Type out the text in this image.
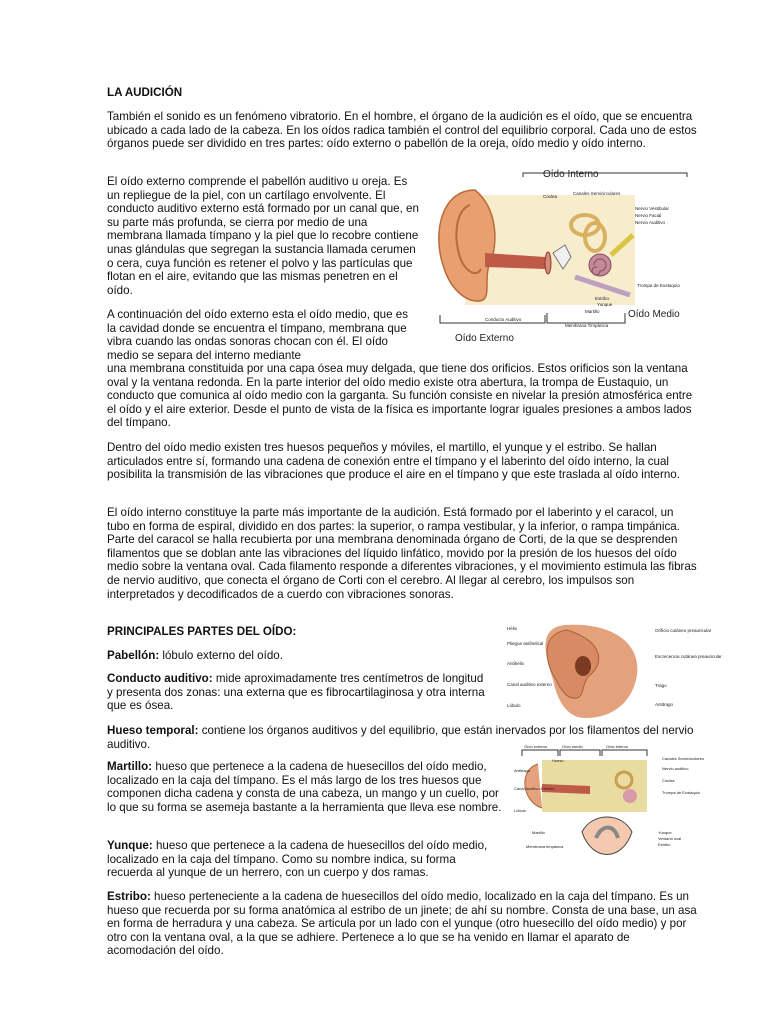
LA AUDICIÓN

También el sonido es un fenómeno vibratorio. En el hombre, el órgano de la audición es el oído, que se encuentra ubicado a cada lado de la cabeza. En los oídos radica también el control del equilibrio corporal. Cada uno de estos órganos puede ser dividido en tres partes: oído externo o pabellón de la oreja, oído medio y oído interno.

El oído externo comprende el pabellón auditivo u oreja. Es un repliegue de la piel, con un cartílago envolvente. El conducto auditivo externo está formado por un canal que, en su parte más profunda, se cierra por medio de una membrana llamada tímpano y la piel que lo recobre contiene unas glándulas que segregan la sustancia llamada cerumen o cera, cuya función es retener el polvo y las partículas que flotan en el aire, evitando que las mismas penetren en el oído.

A continuación del oído externo esta el oído medio, que es la cavidad donde se encuentra el tímpano, membrana que vibra cuando las ondas sonoras chocan con él. El oído medio se separa del interno mediante

una membrana constituida por una capa ósea muy delgada, que tiene dos orificios. Estos orificios son la ventana oval y la ventana redonda. En la parte interior del oído medio existe otra abertura, la trompa de Eustaquio, un conducto que comunica al oído medio con la garganta. Su función consiste en nivelar la presión atmosférica entre el oído y el aire exterior. Desde el punto de vista de la física es importante lograr iguales presiones a ambos lados del tímpano.

Dentro del oído medio existen tres huesos pequeños y móviles, el martillo, el yunque y el estribo. Se hallan articulados entre sí, formando una cadena de conexión entre el tímpano y el laberinto del oído interno, la cual posibilita la transmisión de las vibraciones que produce el aire en el tímpano y que este traslada al oído interno.

El oído interno constituye la parte más importante de la audición. Está formado por el laberinto y el caracol, un tubo en forma de espiral, dividido en dos partes: la superior, o rampa vestibular, y la inferior, o rampa timpánica. Parte del caracol se halla recubierta por una membrana denominada órgano de Corti, de la que se desprenden filamentos que se doblan ante las vibraciones del líquido linfático, movido por la presión de los huesos del oído medio sobre la ventana oval. Cada filamento responde a diferentes vibraciones, y el movimiento estimula las fibras de nervio auditivo, que conecta el órgano de Corti con el cerebro. Al llegar al cerebro, los impulsos son interpretados y decodificados de a cuerdo con vibraciones sonoras.

PRINCIPALES PARTES DEL OÍDO:

Pabellón: lóbulo externo del oído.

Conducto auditivo: mide aproximadamente tres centímetros de longitud y presenta dos zonas: una externa que es fibrocartilaginosa y otra interna que es ósea.

Hueso temporal: contiene los órganos auditivos y del equilibrio, que están inervados por los filamentos del nervio auditivo.

Martillo: hueso que pertenece a la cadena de huesecillos del oído medio, localizado en la caja del tímpano. Es el más largo de los tres huesos que componen dicha cadena y consta de una cabeza, un mango y un cuello, por lo que su forma se asemeja bastante a la herramienta que lleva ese nombre.

Yunque: hueso que pertenece a la cadena de huesecillos del oído medio, localizado en la caja del tímpano. Como su nombre indica, su forma recuerda al yunque de un herrero, con un cuerpo y dos ramas.

Estribo: hueso perteneciente a la cadena de huesecillos del oído medio, localizado en la caja del tímpano. Es un hueso que recuerda por su forma anatómica al estribo de un jinete; de ahí su nombre. Consta de una base, un asa en forma de herradura y una cabeza. Se articula por un lado con el yunque (otro huesecillo del oído medio) y por otro con la ventana oval, a la que se adhiere. Pertenece a lo que se ha venido en llamar el aparato de acomodación del oído.

Oído Interno
Oído Medio
Oído Externo
Conducto Auditivo
Canales Semicirculares
Cóclea
Nervio Vestibular
Nervio Facial
Nervio Auditivo
Trompa de Eustaquio
Estribo
Yunque
Martillo
Membrana Timpánica
Hélix
Pliegue antihelical
Antihélix
Canal auditivo externo
Lóbulo
Orificio cutáneo preauricular
Excrecencia cutánea preauricular
Trago
Antitrago
Oído externo	Oído medio	Oído interno
Hueso	Canales Semicirculares
Nervio auditivo
Cóclea
Trompa de Eustaquio
Antitrago
Canal Auditivo Externo
Lóbulo
Martillo
Membrana timpánica
Yunque
Ventana oval
Estribo
